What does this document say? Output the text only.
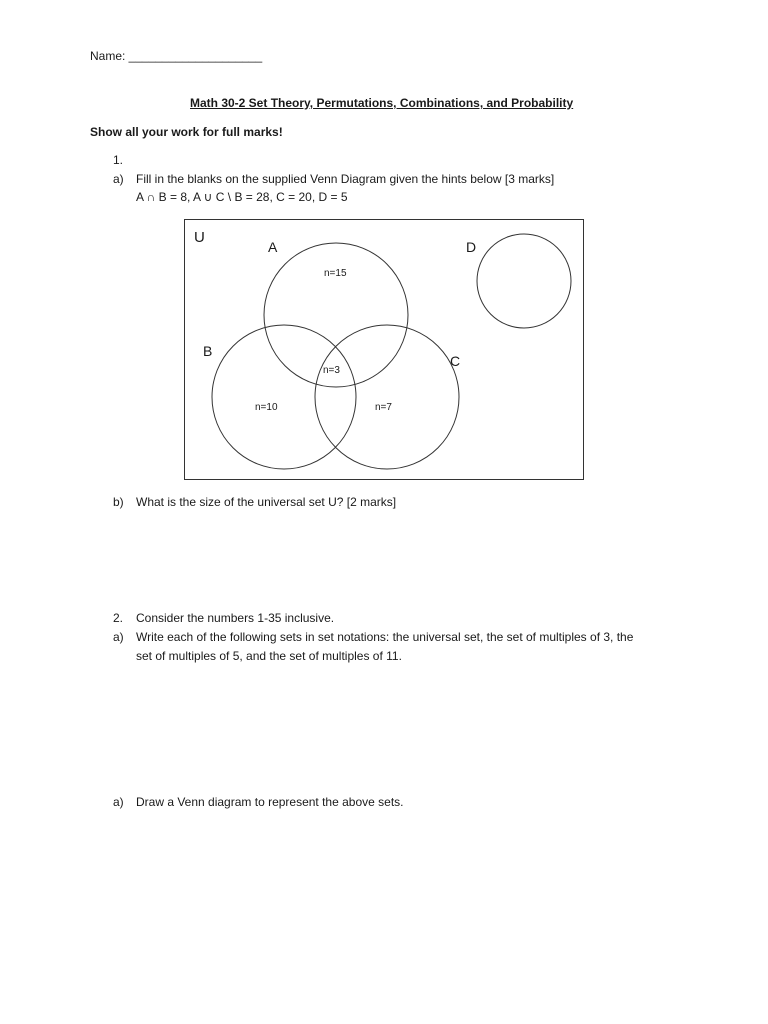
Name: ____________________
Math 30-2 Set Theory, Permutations, Combinations, and Probability
Show all your work for full marks!
1.
a)	Fill in the blanks on the supplied Venn Diagram given the hints below [3 marks]
A ∩ B = 8, A ∪ C \ B = 28, C = 20, D = 5
U
A
B
C
D
n=15
n=10	n=7
n=3
b)	What is the size of the universal set U? [2 marks]
2.	Consider the numbers 1-35 inclusive.
a)	Write each of the following sets in set notations: the universal set, the set of multiples of 3, the
set of multiples of 5, and the set of multiples of 11.
a)	Draw a Venn diagram to represent the above sets.
